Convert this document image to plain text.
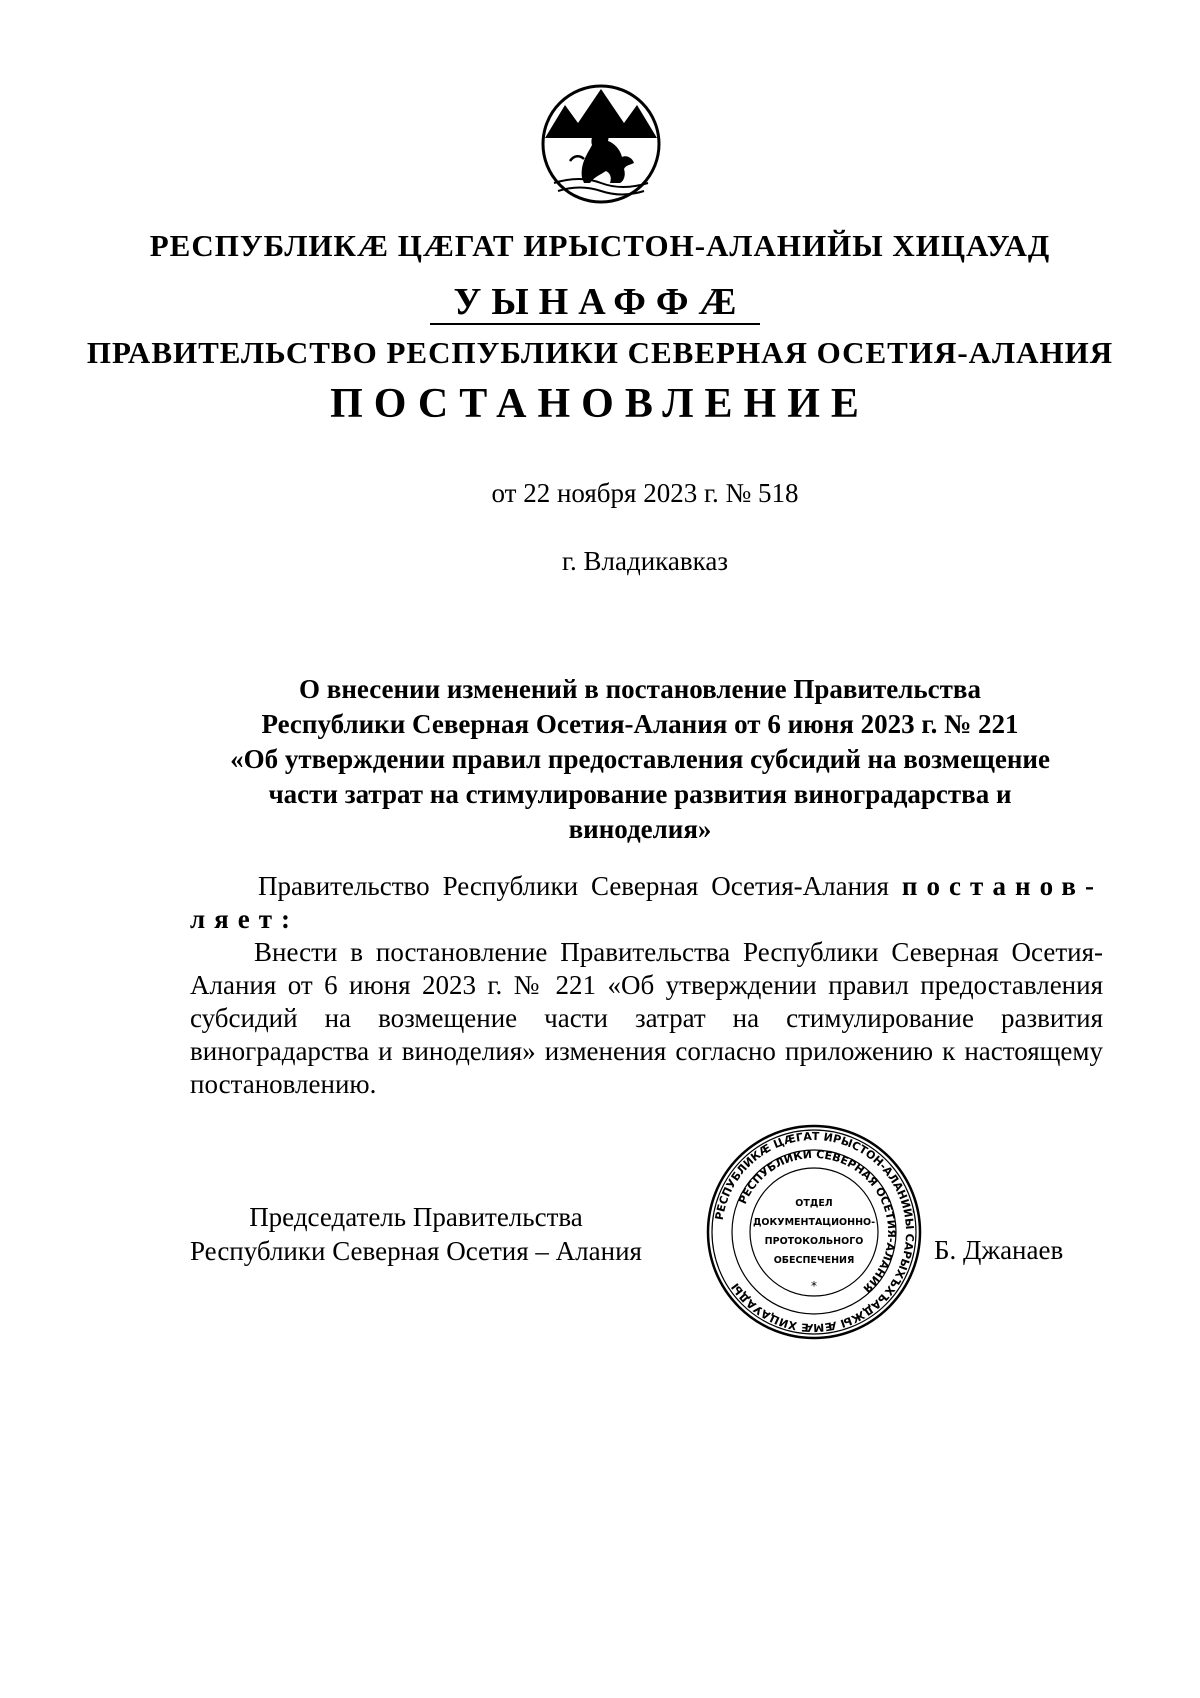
РЕСПУБЛИКӔ ЦӔГАТ ИРЫСТОН-АЛАНИЙЫ ХИЦАУАД
УЫНАФФӔ
ПРАВИТЕЛЬСТВО РЕСПУБЛИКИ СЕВЕРНАЯ ОСЕТИЯ-АЛАНИЯ
ПОСТАНОВЛЕНИЕ
от 22 ноября 2023 г. № 518
г. Владикавказ
О внесении изменений в постановление Правительства
Республики Северная Осетия-Алания от 6 июня 2023 г. № 221
«Об утверждении правил предоставления субсидий на возмещение
части затрат на стимулирование развития виноградарства и
виноделия»
Правительство Республики Северная Осетия-Алания постанов-
ляет:
Внести в постановление Правительства Республики Северная Осетия-Алания от 6 июня 2023 г. № 221 «Об утверждении правил предоставления субсидий на возмещение части затрат на стимулирование развития виноградарства и виноделия» изменения согласно приложению к настоящему постановлению.
Председатель Правительства
Республики Северная Осетия – Алания
РЕСПУБЛИКӔ ЦӔГАТ ИРЫСТОН-АЛАНИЙЫ САРЫХЪХЪАДЖЫ ӔМӔ ХИЦАУАДЫ
РЕСПУБЛИКИ СЕВЕРНАЯ ОСЕТИЯ-АЛАНИЯ
ОТДЕЛ
ДОКУМЕНТАЦИОННО-
ПРОТОКОЛЬНОГО
ОБЕСПЕЧЕНИЯ
*
Б. Джанаев
